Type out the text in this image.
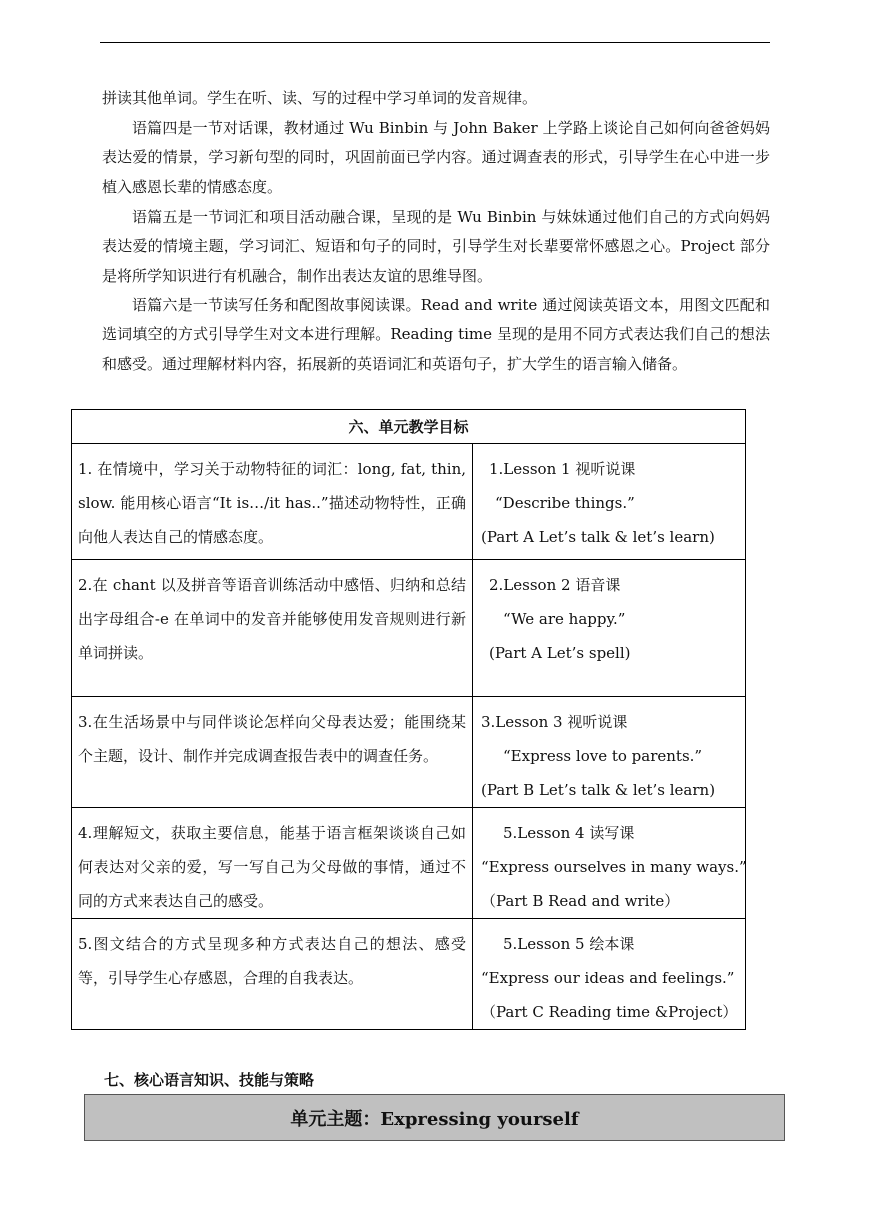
拼读其他单词。学生在听、读、写的过程中学习单词的发音规律。

语篇四是一节对话课，教材通过 Wu Binbin 与 John Baker 上学路上谈论自己如何向爸爸妈妈表达爱的情景，学习新句型的同时，巩固前面已学内容。通过调查表的形式，引导学生在心中进一步植入感恩长辈的情感态度。

语篇五是一节词汇和项目活动融合课，呈现的是 Wu Binbin 与妹妹通过他们自己的方式向妈妈表达爱的情境主题，学习词汇、短语和句子的同时，引导学生对长辈要常怀感恩之心。Project 部分是将所学知识进行有机融合，制作出表达友谊的思维导图。

语篇六是一节读写任务和配图故事阅读课。Read and write 通过阅读英语文本，用图文匹配和选词填空的方式引导学生对文本进行理解。Reading time 呈现的是用不同方式表达我们自己的想法和感受。通过理解材料内容，拓展新的英语词汇和英语句子，扩大学生的语言输入储备。

六、单元教学目标	
1. 在情境中，学习关于动物特征的词汇：long, fat, thin, slow. 能用核心语言“It is…/it has..”描述动物特性，正确向他人表达自己的情感态度。	1.Lesson 1 视听说课
“Describe things.”
(Part A Let’s talk & let’s learn)

2.在 chant 以及拼音等语音训练活动中感悟、归纳和总结出字母组合-e 在单词中的发音并能够使用发音规则进行新单词拼读。	2.Lesson 2 语音课
“We are happy.”
(Part A Let’s spell)

3.在生活场景中与同伴谈论怎样向父母表达爱；能围绕某个主题，设计、制作并完成调查报告表中的调查任务。	3.Lesson 3 视听说课
“Express love to parents.”
(Part B Let’s talk & let’s learn)

4.理解短文，获取主要信息，能基于语言框架谈谈自己如何表达对父亲的爱，写一写自己为父母做的事情，通过不同的方式来表达自己的感受。	5.Lesson 4 读写课
“Express ourselves in many ways.”
（Part B Read and write）

5.图文结合的方式呈现多种方式表达自己的想法、感受等，引导学生心存感恩，合理的自我表达。	5.Lesson 5 绘本课
“Express our ideas and feelings.”
（Part C Reading time &Project）

七、核心语言知识、技能与策略

单元主题：Expressing yourself
